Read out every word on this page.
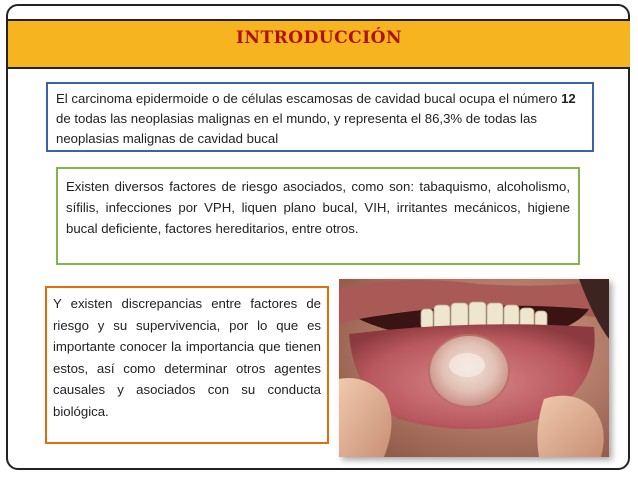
INTRODUCCIÓN
El carcinoma epidermoide o de células escamosas de cavidad bucal ocupa el número 12 de todas las neoplasias malignas en el mundo, y representa el 86,3% de todas las neoplasias malignas de cavidad bucal
Existen diversos factores de riesgo asociados, como son: tabaquismo, alcoholismo, sífilis, infecciones por VPH, liquen plano bucal, VIH, irritantes mecánicos, higiene bucal deficiente, factores hereditarios, entre otros.
Y existen discrepancias entre factores de riesgo y su supervivencia, por lo que es importante conocer la importancia que tienen estos, así como determinar otros agentes causales y asociados con su conducta biológica.
